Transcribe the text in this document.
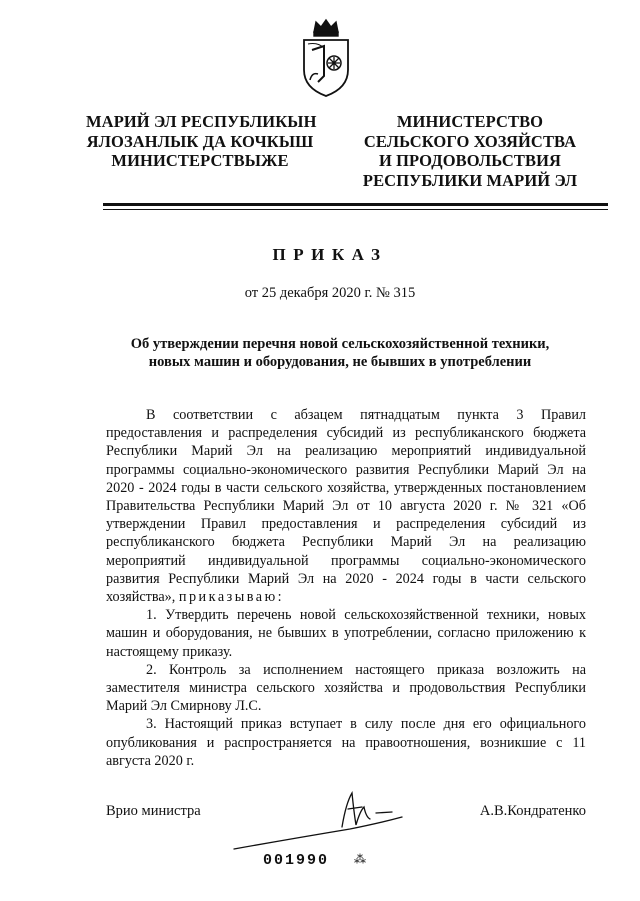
МАРИЙ ЭЛ РЕСПУБЛИКЫН
ЯЛОЗАНЛЫК ДА КОЧКЫШ
МИНИСТЕРСТВЫЖЕ
МИНИСТЕРСТВО
СЕЛЬСКОГО ХОЗЯЙСТВА
И ПРОДОВОЛЬСТВИЯ
РЕСПУБЛИКИ МАРИЙ ЭЛ
ПРИКАЗ
от 25 декабря 2020 г. № 315
Об утверждении перечня новой сельскохозяйственной техники,
новых машин и оборудования, не бывших в употреблении

В соответствии с абзацем пятнадцатым пункта 3 Правил предоставления и распределения субсидий из республиканского бюджета Республики Марий Эл на реализацию мероприятий индивидуальной программы социально-экономического развития Республики Марий Эл на 2020 - 2024 годы в части сельского хозяйства, утвержденных постановлением Правительства Республики Марий Эл от 10 августа 2020 г. № 321 «Об утверждении Правил предоставления и распределения субсидий из республиканского бюджета Республики Марий Эл на реализацию мероприятий индивидуальной программы социально-экономического развития Республики Марий Эл на 2020 - 2024 годы в части сельского хозяйства», приказываю:

1. Утвердить перечень новой сельскохозяйственной техники, новых машин и оборудования, не бывших в употреблении, согласно приложению к настоящему приказу.

2. Контроль за исполнением настоящего приказа возложить на заместителя министра сельского хозяйства и продовольствия Республики Марий Эл Смирнову Л.С.

3. Настоящий приказ вступает в силу после дня его официального опубликования и распространяется на правоотношения, возникшие с 11 августа 2020 г.

Врио министра	А.В.Кондратенко
001990 ⁂
